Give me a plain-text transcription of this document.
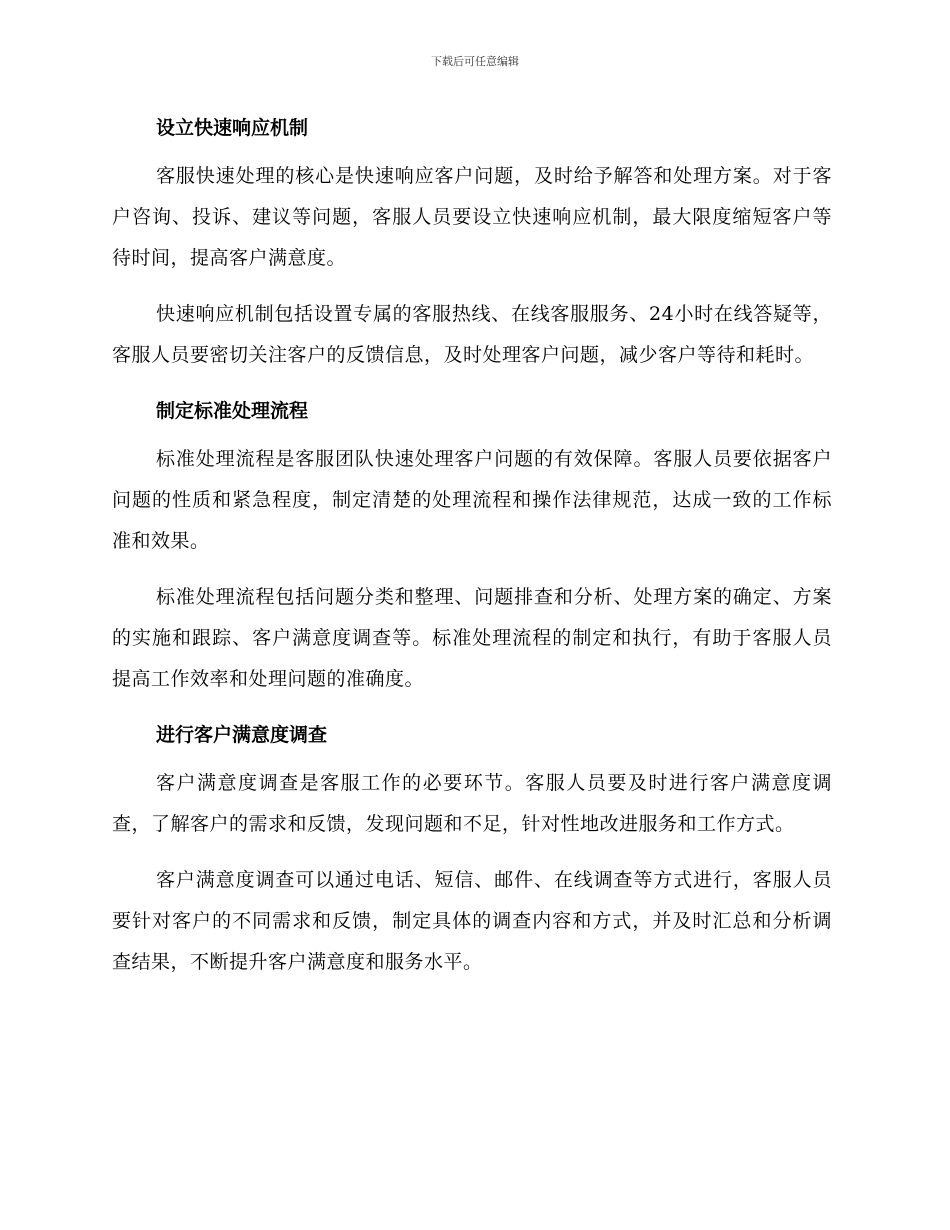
下载后可任意编辑
设立快速响应机制

客服快速处理的核心是快速响应客户问题，及时给予解答和处理方案。对于客户咨询、投诉、建议等问题，客服人员要设立快速响应机制，最大限度缩短客户等待时间，提高客户满意度。

快速响应机制包括设置专属的客服热线、在线客服服务、24小时在线答疑等，客服人员要密切关注客户的反馈信息，及时处理客户问题，减少客户等待和耗时。

制定标准处理流程

标准处理流程是客服团队快速处理客户问题的有效保障。客服人员要依据客户问题的性质和紧急程度，制定清楚的处理流程和操作法律规范，达成一致的工作标准和效果。

标准处理流程包括问题分类和整理、问题排查和分析、处理方案的确定、方案的实施和跟踪、客户满意度调查等。标准处理流程的制定和执行，有助于客服人员提高工作效率和处理问题的准确度。

进行客户满意度调查

客户满意度调查是客服工作的必要环节。客服人员要及时进行客户满意度调查，了解客户的需求和反馈，发现问题和不足，针对性地改进服务和工作方式。

客户满意度调查可以通过电话、短信、邮件、在线调查等方式进行，客服人员要针对客户的不同需求和反馈，制定具体的调查内容和方式，并及时汇总和分析调查结果，不断提升客户满意度和服务水平。
